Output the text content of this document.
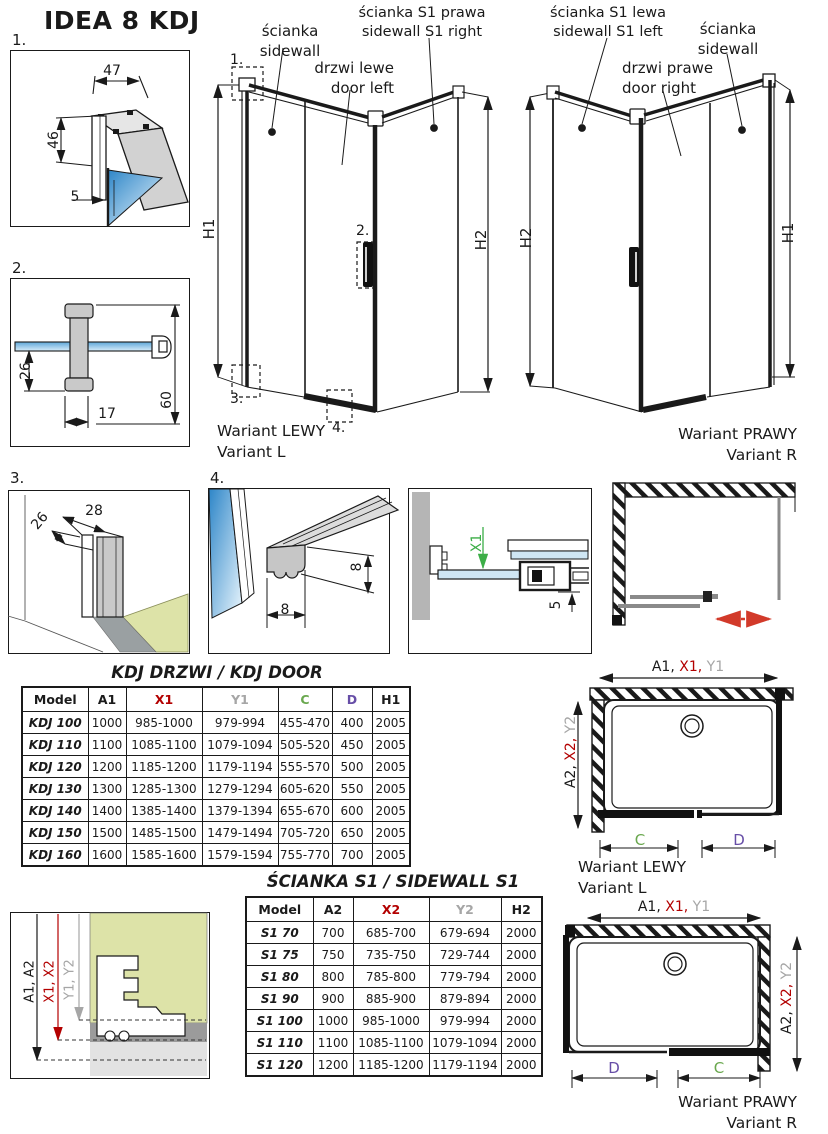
IDEA 8 KDJ
1.
47
46
5
2.
26
17
60
ścianka
sidewall
drzwi lewe
door left
ścianka S1 prawa
sidewall S1 right
1.
2.
3.
4.
H1
H2
Wariant LEWY
Variant L
ścianka S1 lewa
sidewall S1 left
drzwi prawe
door right
ścianka
sidewall
H2	H1
Wariant PRAWY
Variant R
3.
28
26
4.
8
8
X1
5
KDJ DRZWI / KDJ DOOR
Model	A1	X1	Y1	C	D	H1
KDJ 100	1000	985-1000	979-994	455-470	400	2005
KDJ 110	1100	1085-1100	1079-1094	505-520	450	2005
KDJ 120	1200	1185-1200	1179-1194	555-570	500	2005
KDJ 130	1300	1285-1300	1279-1294	605-620	550	2005
KDJ 140	1400	1385-1400	1379-1394	655-670	600	2005
KDJ 150	1500	1485-1500	1479-1494	705-720	650	2005
KDJ 160	1600	1585-1600	1579-1594	755-770	700	2005
A1, X1, Y1
A2, X2, Y2
C	D
Wariant LEWY
Variant L
ŚCIANKA S1 / SIDEWALL S1
Model	A2	X2	Y2	H2
S1 70	700	685-700	679-694	2000
S1 75	750	735-750	729-744	2000
S1 80	800	785-800	779-794	2000
S1 90	900	885-900	879-894	2000
S1 100	1000	985-1000	979-994	2000
S1 110	1100	1085-1100	1079-1094	2000
S1 120	1200	1185-1200	1179-1194	2000
A1, A2 X1, X2 Y1, Y2
A1, X1, Y1
A2, X2, Y2
D	C
Wariant PRAWY
Variant R
